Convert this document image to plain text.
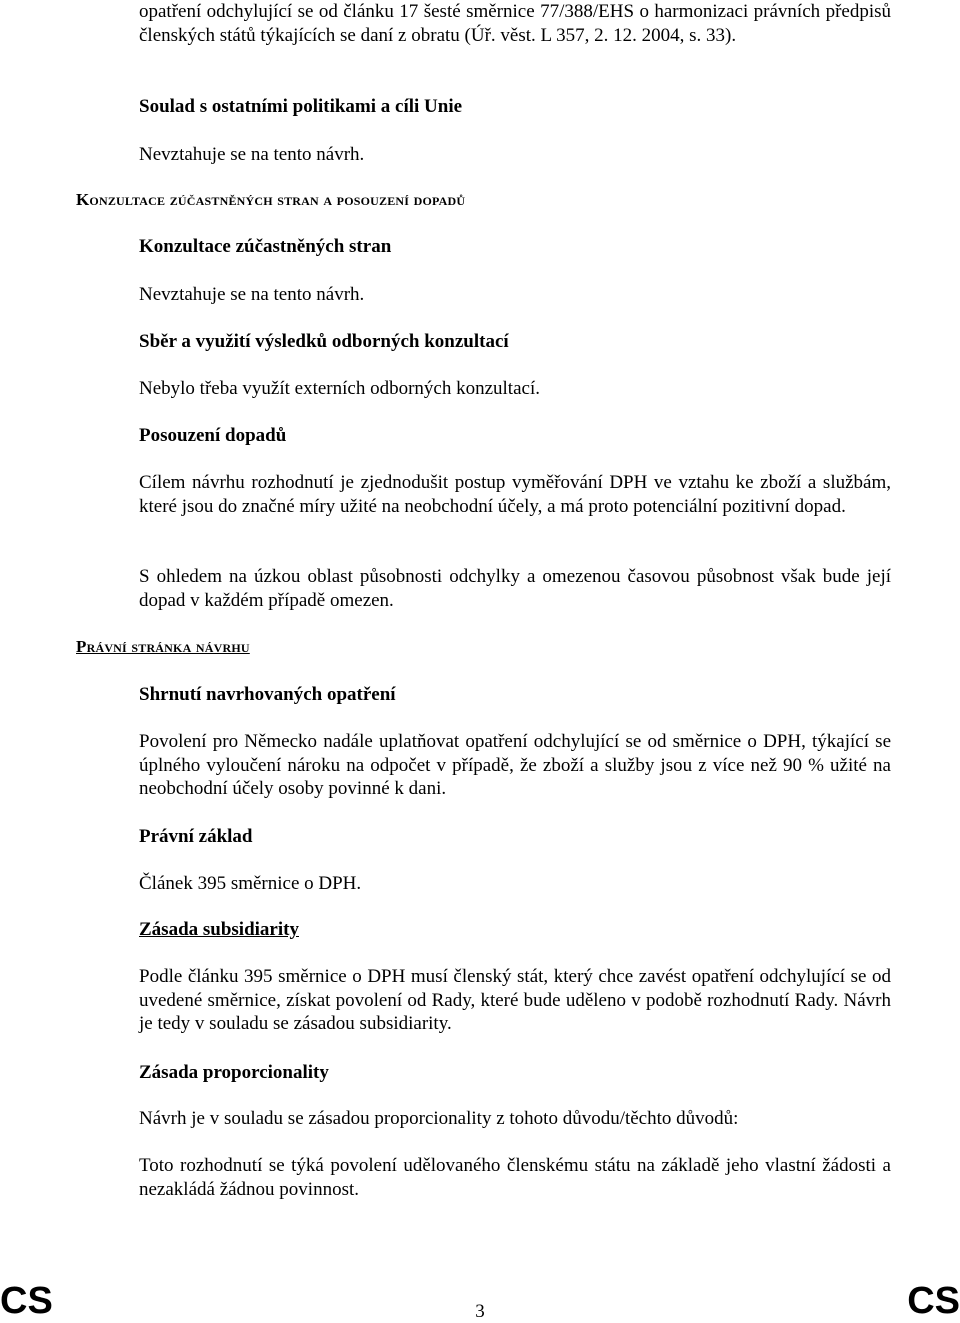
opatření odchylující se od článku 17 šesté směrnice 77/388/EHS o harmonizaci právních předpisů členských států týkajících se daní z obratu (Úř. věst. L 357, 2. 12. 2004, s. 33).

Soulad s ostatními politikami a cíli Unie

Nevztahuje se na tento návrh.

Konzultace zúčastněných stran a posouzení dopadů

Konzultace zúčastněných stran

Nevztahuje se na tento návrh.

Sběr a využití výsledků odborných konzultací

Nebylo třeba využít externích odborných konzultací.

Posouzení dopadů

Cílem návrhu rozhodnutí je zjednodušit postup vyměřování DPH ve vztahu ke zboží a službám, které jsou do značné míry užité na neobchodní účely, a má proto potenciální pozitivní dopad.

S ohledem na úzkou oblast působnosti odchylky a omezenou časovou působnost však bude její dopad v každém případě omezen.

Právní stránka návrhu

Shrnutí navrhovaných opatření

Povolení pro Německo nadále uplatňovat opatření odchylující se od směrnice o DPH, týkající se úplného vyloučení nároku na odpočet v případě, že zboží a služby jsou z více než 90 % užité na neobchodní účely osoby povinné k dani.

Právní základ

Článek 395 směrnice o DPH.

Zásada subsidiarity

Podle článku 395 směrnice o DPH musí členský stát, který chce zavést opatření odchylující se od uvedené směrnice, získat povolení od Rady, které bude uděleno v podobě rozhodnutí Rady. Návrh je tedy v souladu se zásadou subsidiarity.

Zásada proporcionality

Návrh je v souladu se zásadou proporcionality z tohoto důvodu/těchto důvodů:

Toto rozhodnutí se týká povolení udělovaného členskému státu na základě jeho vlastní žádosti a nezakládá žádnou povinnost.

CS	3	CS
